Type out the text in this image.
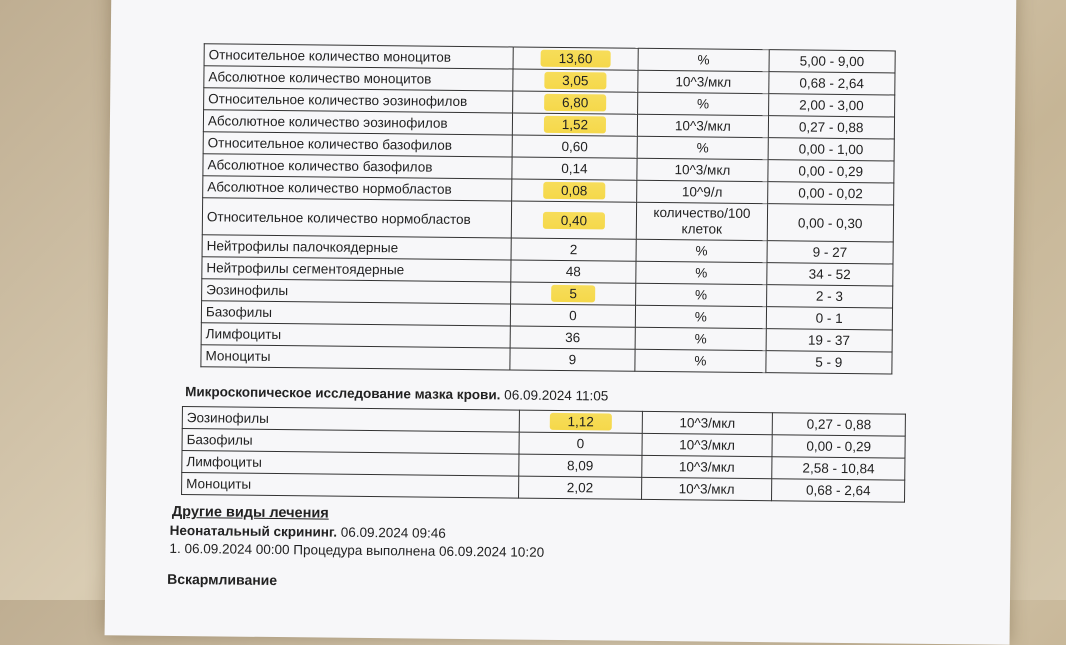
Относительное количество моноцитов	13,60	%	5,00 - 9,00
Абсолютное количество моноцитов	3,05	10^3/мкл	0,68 - 2,64
Относительное количество эозинофилов	6,80	%	2,00 - 3,00
Абсолютное количество эозинофилов	1,52	10^3/мкл	0,27 - 0,88
Относительное количество базофилов	0,60	%	0,00 - 1,00
Абсолютное количество базофилов	0,14	10^3/мкл	0,00 - 0,29
Абсолютное количество нормобластов	0,08	10^9/л	0,00 - 0,02
Относительное количество нормобластов	0,40	количество/100 клеток	0,00 - 0,30
Нейтрофилы палочкоядерные	2	%	9 - 27
Нейтрофилы сегментоядерные	48	%	34 - 52
Эозинофилы	5	%	2 - 3
Базофилы	0	%	0 - 1
Лимфоциты	36	%	19 - 37
Моноциты	9	%	5 - 9
Микроскопическое исследование мазка крови. 06.09.2024 11:05
Эозинофилы	1,12	10^3/мкл	0,27 - 0,88
Базофилы	0	10^3/мкл	0,00 - 0,29
Лимфоциты	8,09	10^3/мкл	2,58 - 10,84
Моноциты	2,02	10^3/мкл	0,68 - 2,64
Другие виды лечения
Неонатальный скрининг. 06.09.2024 09:46
1. 06.09.2024 00:00 Процедура выполнена 06.09.2024 10:20
Вскармливание
